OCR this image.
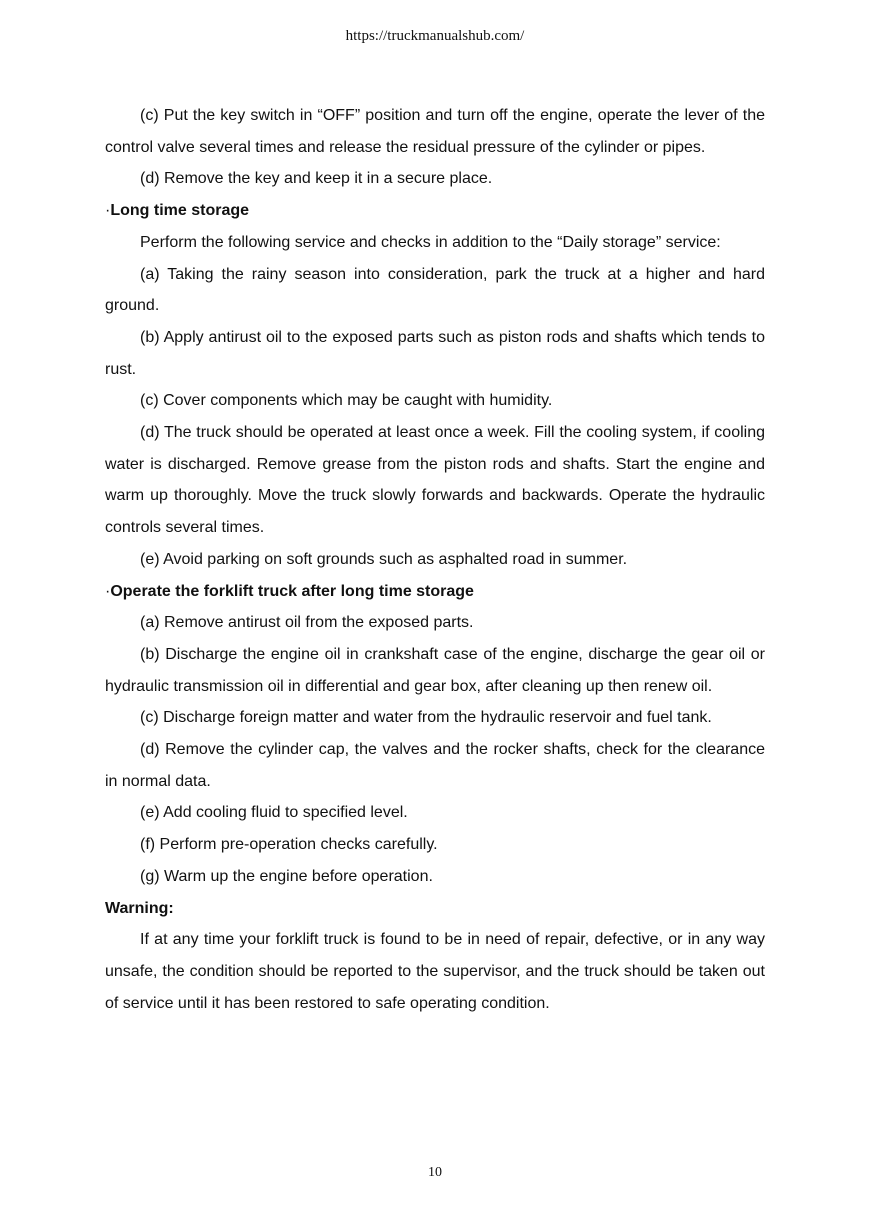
https://truckmanualshub.com/

(c) Put the key switch in “OFF” position and turn off the engine, operate the lever of the control valve several times and release the residual pressure of the cylinder or pipes.

(d) Remove the key and keep it in a secure place.

·Long time storage

Perform the following service and checks in addition to the “Daily storage” service:

(a) Taking the rainy season into consideration, park the truck at a higher and hard ground.

(b) Apply antirust oil to the exposed parts such as piston rods and shafts which tends to rust.

(c) Cover components which may be caught with humidity.

(d) The truck should be operated at least once a week. Fill the cooling system, if cooling water is discharged. Remove grease from the piston rods and shafts. Start the engine and warm up thoroughly. Move the truck slowly forwards and backwards. Operate the hydraulic controls several times.

(e) Avoid parking on soft grounds such as asphalted road in summer.

·Operate the forklift truck after long time storage

(a) Remove antirust oil from the exposed parts.

(b) Discharge the engine oil in crankshaft case of the engine, discharge the gear oil or hydraulic transmission oil in differential and gear box, after cleaning up then renew oil.

(c) Discharge foreign matter and water from the hydraulic reservoir and fuel tank.

(d) Remove the cylinder cap, the valves and the rocker shafts, check for the clearance in normal data.

(e) Add cooling fluid to specified level.

(f) Perform pre-operation checks carefully.

(g) Warm up the engine before operation.

Warning:

If at any time your forklift truck is found to be in need of repair, defective, or in any way unsafe, the condition should be reported to the supervisor, and the truck should be taken out of service until it has been restored to safe operating condition.

10
